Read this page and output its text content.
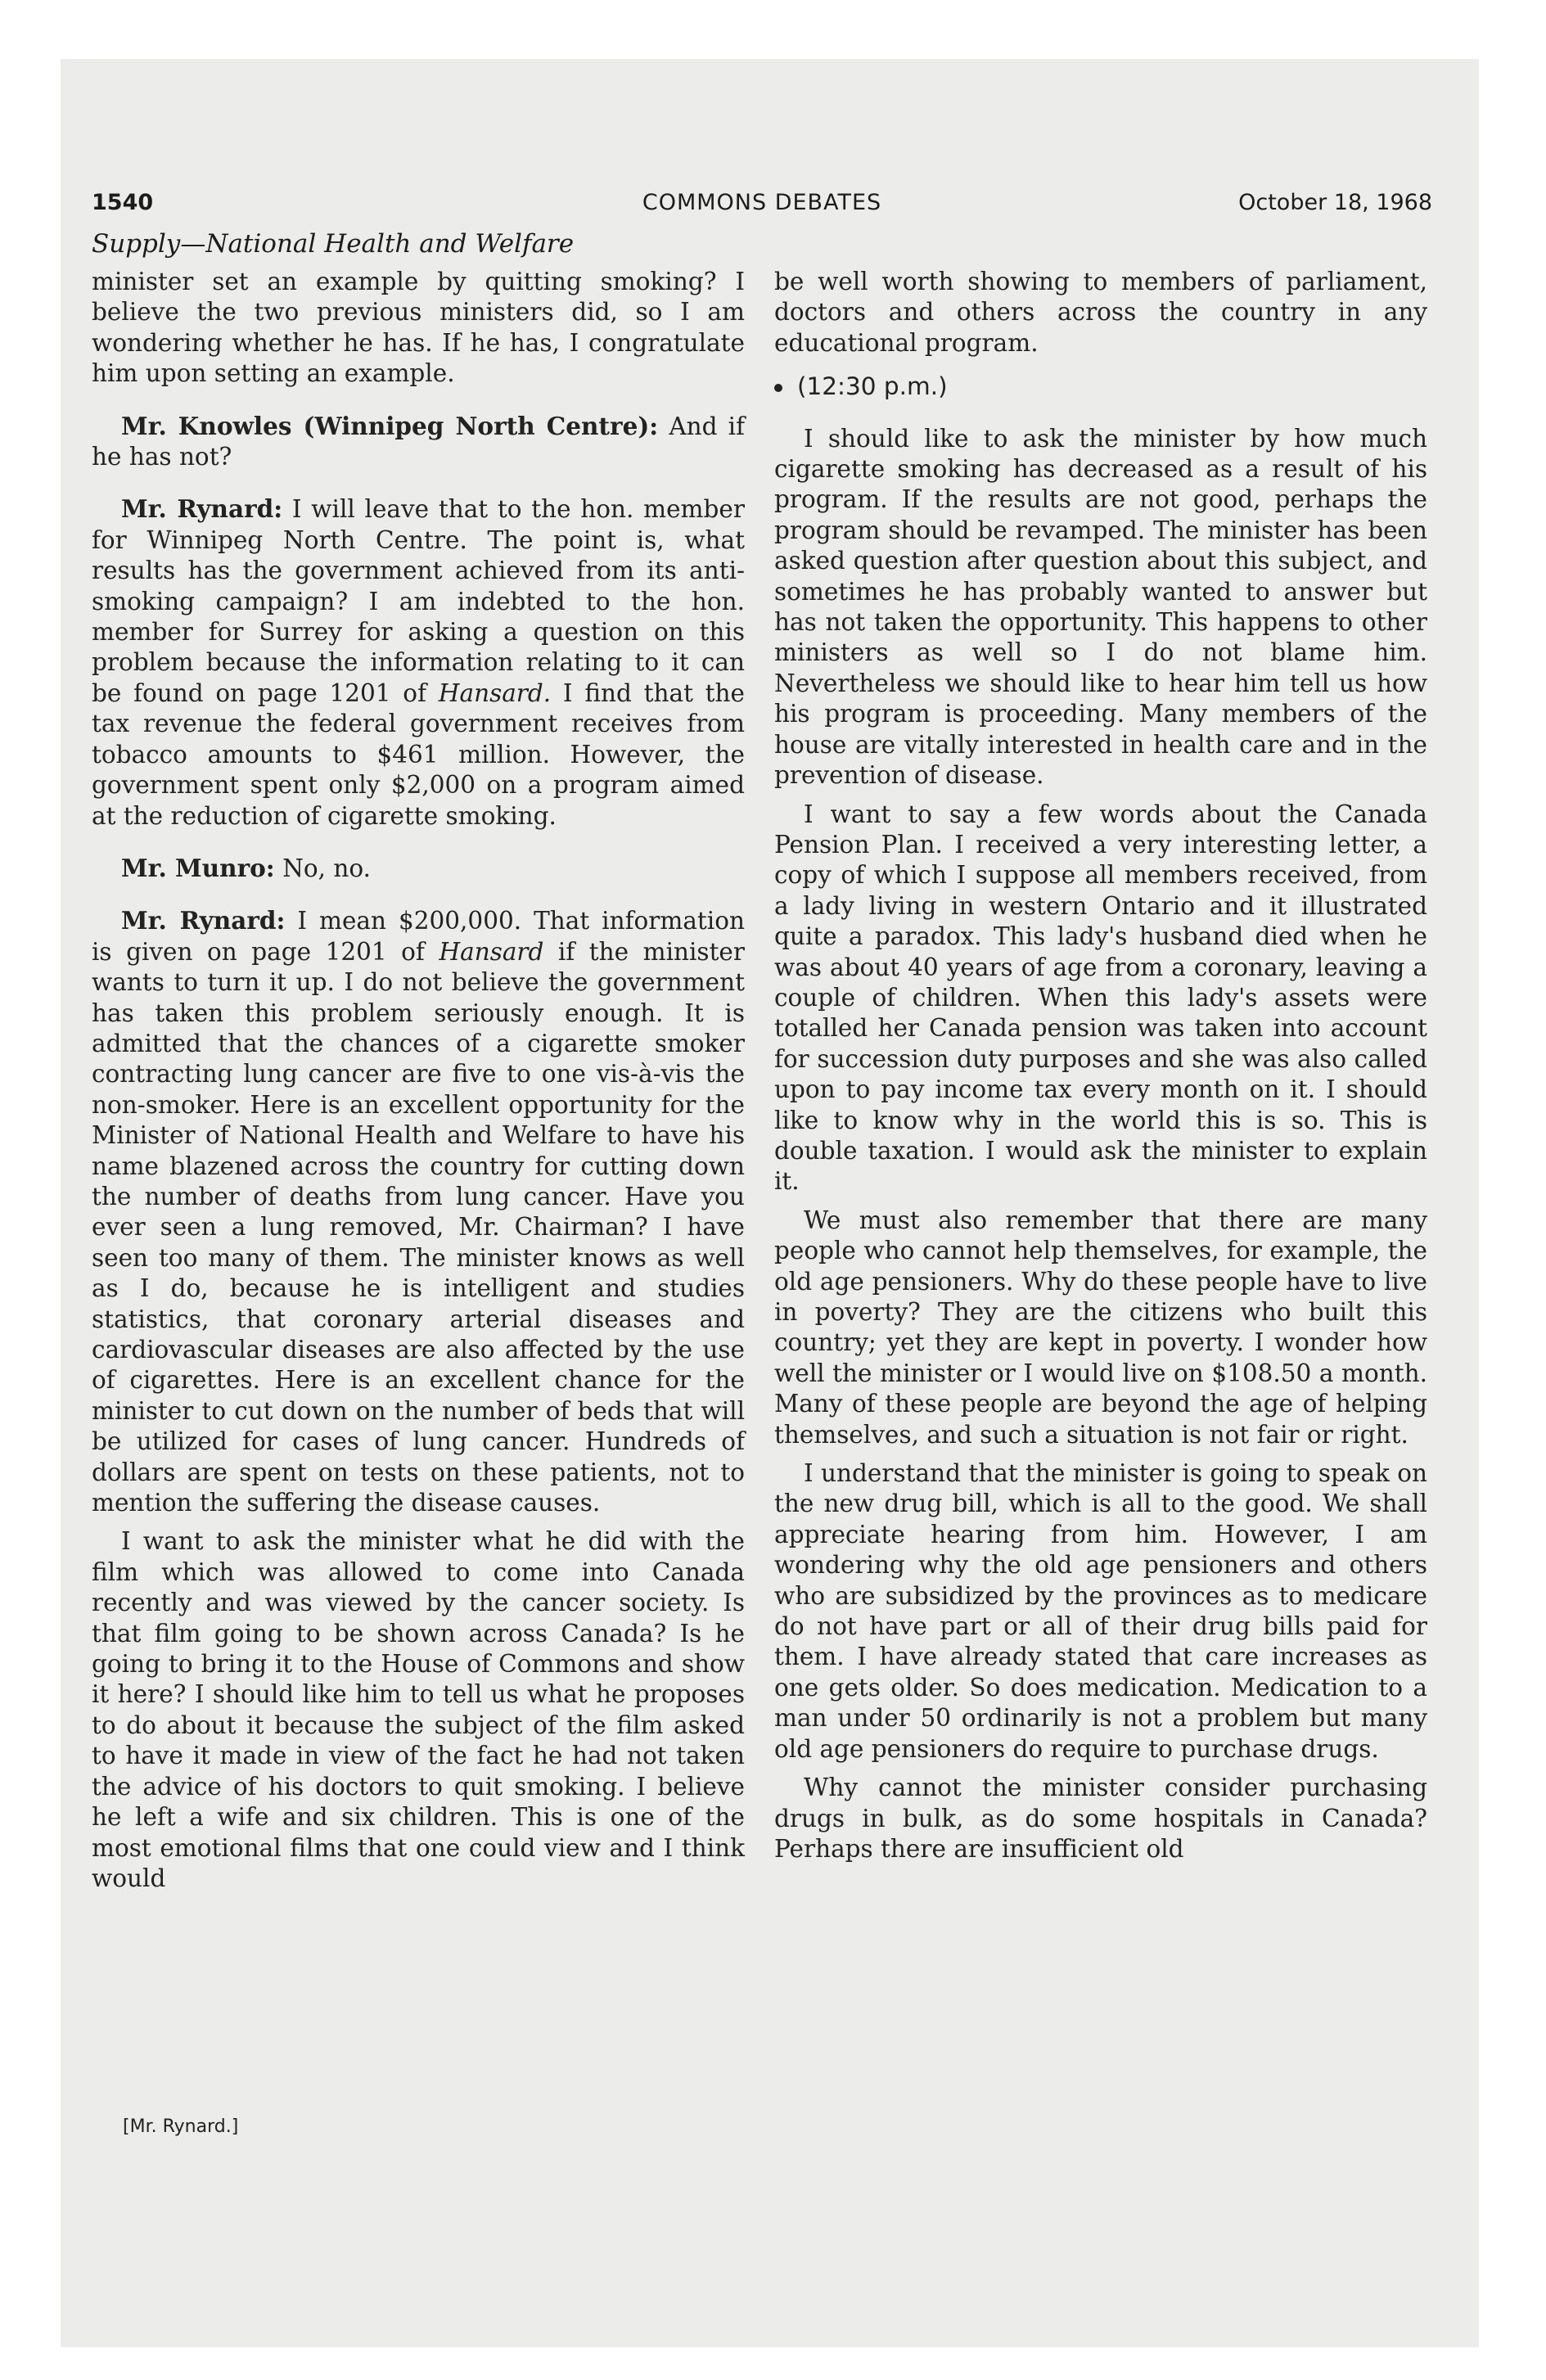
1540	COMMONS DEBATES	October 18, 1968
Supply—National Health and Welfare

minister set an example by quitting smoking? I believe the two previous ministers did, so I am wondering whether he has. If he has, I congratulate him upon setting an example.

Mr. Knowles (Winnipeg North Centre): And if he has not?

Mr. Rynard: I will leave that to the hon. member for Winnipeg North Centre. The point is, what results has the government achieved from its anti-smoking campaign? I am indebted to the hon. member for Surrey for asking a question on this problem because the information relating to it can be found on page 1201 of Hansard. I find that the tax revenue the federal government receives from tobacco amounts to $461 million. However, the government spent only $2,000 on a program aimed at the reduction of cigarette smoking.

Mr. Munro: No, no.

Mr. Rynard: I mean $200,000. That information is given on page 1201 of Hansard if the minister wants to turn it up. I do not believe the government has taken this problem seriously enough. It is admitted that the chances of a cigarette smoker contracting lung cancer are five to one vis-à-vis the non-smoker. Here is an excellent opportunity for the Minister of National Health and Welfare to have his name blazened across the country for cutting down the number of deaths from lung cancer. Have you ever seen a lung removed, Mr. Chairman? I have seen too many of them. The minister knows as well as I do, because he is intelligent and studies statistics, that coronary arterial diseases and cardiovascular diseases are also affected by the use of cigarettes. Here is an excellent chance for the minister to cut down on the number of beds that will be utilized for cases of lung cancer. Hundreds of dollars are spent on tests on these patients, not to mention the suffering the disease causes.

I want to ask the minister what he did with the film which was allowed to come into Canada recently and was viewed by the cancer society. Is that film going to be shown across Canada? Is he going to bring it to the House of Commons and show it here? I should like him to tell us what he proposes to do about it because the subject of the film asked to have it made in view of the fact he had not taken the advice of his doctors to quit smoking. I believe he left a wife and six children. This is one of the most emotional films that one could view and I think would

be well worth showing to members of parliament, doctors and others across the country in any educational program.

(12:30 p.m.)

I should like to ask the minister by how much cigarette smoking has decreased as a result of his program. If the results are not good, perhaps the program should be revamped. The minister has been asked question after question about this subject, and sometimes he has probably wanted to answer but has not taken the opportunity. This happens to other ministers as well so I do not blame him. Nevertheless we should like to hear him tell us how his program is proceeding. Many members of the house are vitally interested in health care and in the prevention of disease.

I want to say a few words about the Canada Pension Plan. I received a very interesting letter, a copy of which I suppose all members received, from a lady living in western Ontario and it illustrated quite a paradox. This lady's husband died when he was about 40 years of age from a coronary, leaving a couple of children. When this lady's assets were totalled her Canada pension was taken into account for succession duty purposes and she was also called upon to pay income tax every month on it. I should like to know why in the world this is so. This is double taxation. I would ask the minister to explain it.

We must also remember that there are many people who cannot help themselves, for example, the old age pensioners. Why do these people have to live in poverty? They are the citizens who built this country; yet they are kept in poverty. I wonder how well the minister or I would live on $108.50 a month. Many of these people are beyond the age of helping themselves, and such a situation is not fair or right.

I understand that the minister is going to speak on the new drug bill, which is all to the good. We shall appreciate hearing from him. However, I am wondering why the old age pensioners and others who are subsidized by the provinces as to medicare do not have part or all of their drug bills paid for them. I have already stated that care increases as one gets older. So does medication. Medication to a man under 50 ordinarily is not a problem but many old age pensioners do require to purchase drugs.

Why cannot the minister consider purchasing drugs in bulk, as do some hospitals in Canada? Perhaps there are insufficient old

[Mr. Rynard.]
